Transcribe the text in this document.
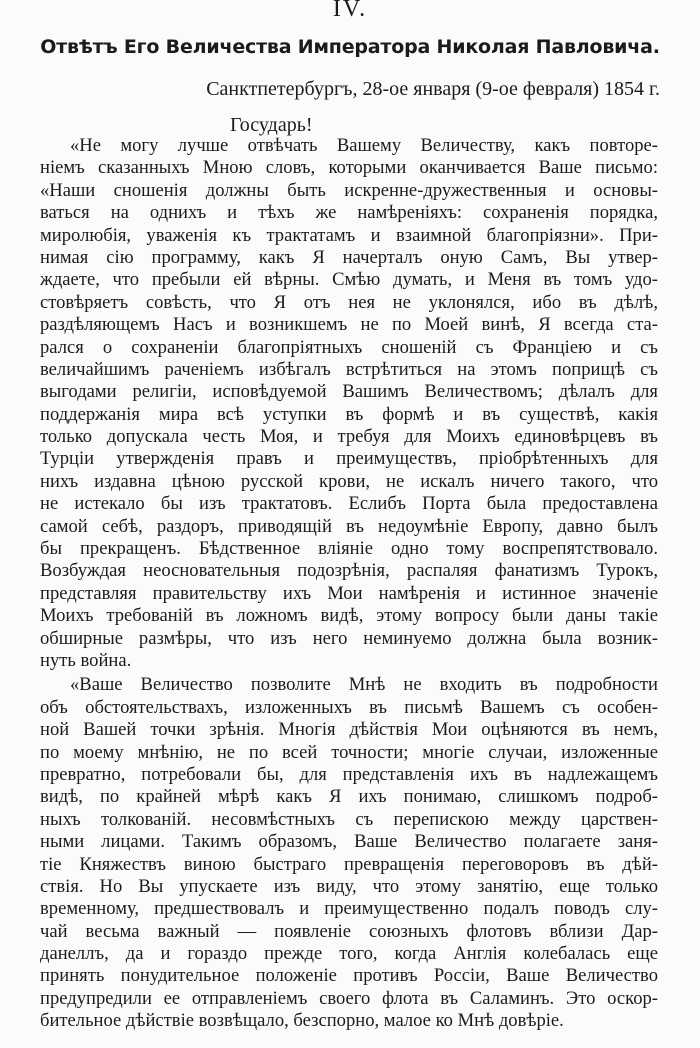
IV.
Отвѣтъ Его Величества Императора Николая Павловича.
Санктпетербургъ, 28-ое января (9-ое февраля) 1854 г.
Государь!
«Не могу лучше отвѣчать Вашему Величеству, какъ повторе-
ніемъ сказанныхъ Мною словъ, которыми оканчивается Ваше письмо:
«Наши сношенія должны быть искренне-дружественныя и основы-
ваться на однихъ и тѣхъ же намѣреніяхъ: сохраненія порядка,
миролюбія, уваженія къ трактатамъ и взаимной благопріязни». При-
нимая сію программу, какъ Я начерталъ оную Самъ, Вы утвер-
ждаете, что пребыли ей вѣрны. Смѣю думать, и Меня въ томъ удо-
стовѣряетъ совѣсть, что Я отъ нея не уклонялся, ибо въ дѣлѣ,
раздѣляющемъ Насъ и возникшемъ не по Моей винѣ, Я всегда ста-
рался о сохраненіи благопріятныхъ сношеній съ Франціею и съ
величайшимъ раченіемъ избѣгалъ встрѣтиться на этомъ поприщѣ съ
выгодами религіи, исповѣдуемой Вашимъ Величествомъ; дѣлалъ для
поддержанія мира всѣ уступки въ формѣ и въ существѣ, какія
только допускала честь Моя, и требуя для Моихъ единовѣрцевъ въ
Турціи утвержденія правъ и преимуществъ, пріобрѣтенныхъ для
нихъ издавна цѣною русской крови, не искалъ ничего такого, что
не истекало бы изъ трактатовъ. Еслибъ Порта была предоставлена
самой себѣ, раздоръ, приводящій въ недоумѣніе Европу, давно былъ
бы прекращенъ. Бѣдственное вліяніе одно тому воспрепятствовало.
Возбуждая неосновательныя подозрѣнія, распаляя фанатизмъ Турокъ,
представляя правительству ихъ Мои намѣренія и истинное значеніе
Моихъ требованій въ ложномъ видѣ, этому вопросу были даны такіе
обширные размѣры, что изъ него неминуемо должна была возник-
нуть война.
«Ваше Величество позволите Мнѣ не входить въ подробности
объ обстоятельствахъ, изложенныхъ въ письмѣ Вашемъ съ особен-
ной Вашей точки зрѣнія. Многія дѣйствія Мои оцѣняются въ немъ,
по моему мнѣнію, не по всей точности; многіе случаи, изложенные
превратно, потребовали бы, для представленія ихъ въ надлежащемъ
видѣ, по крайней мѣрѣ какъ Я ихъ понимаю, слишкомъ подроб-
ныхъ толкованій. несовмѣстныхъ съ перепискою между царствен-
ными лицами. Такимъ образомъ, Ваше Величество полагаете заня-
тіе Княжествъ виною быстраго превращенія переговоровъ въ дѣй-
ствія. Но Вы упускаете изъ виду, что этому занятію, еще только
временному, предшествовалъ и преимущественно подалъ поводъ слу-
чай весьма важный — появленіе союзныхъ флотовъ вблизи Дар-
данеллъ, да и гораздо прежде того, когда Англія колебалась еще
принять понудительное положеніе противъ Россіи, Ваше Величество
предупредили ее отправленіемъ своего флота въ Саламинъ. Это оскор-
бительное дѣйствіе возвѣщало, безспорно, малое ко Мнѣ довѣріе.
